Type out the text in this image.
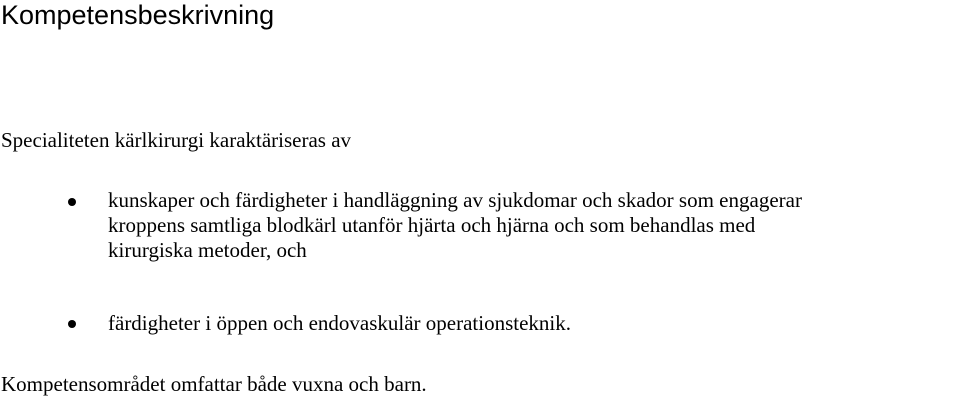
Kompetensbeskrivning

Specialiteten kärlkirurgi karaktäriseras av

kunskaper och färdigheter i handläggning av sjukdomar och skador som engagerar
kroppens samtliga blodkärl utanför hjärta och hjärna och som behandlas med
kirurgiska metoder, och

färdigheter i öppen och endovaskulär operationsteknik.

Kompetensområdet omfattar både vuxna och barn.
